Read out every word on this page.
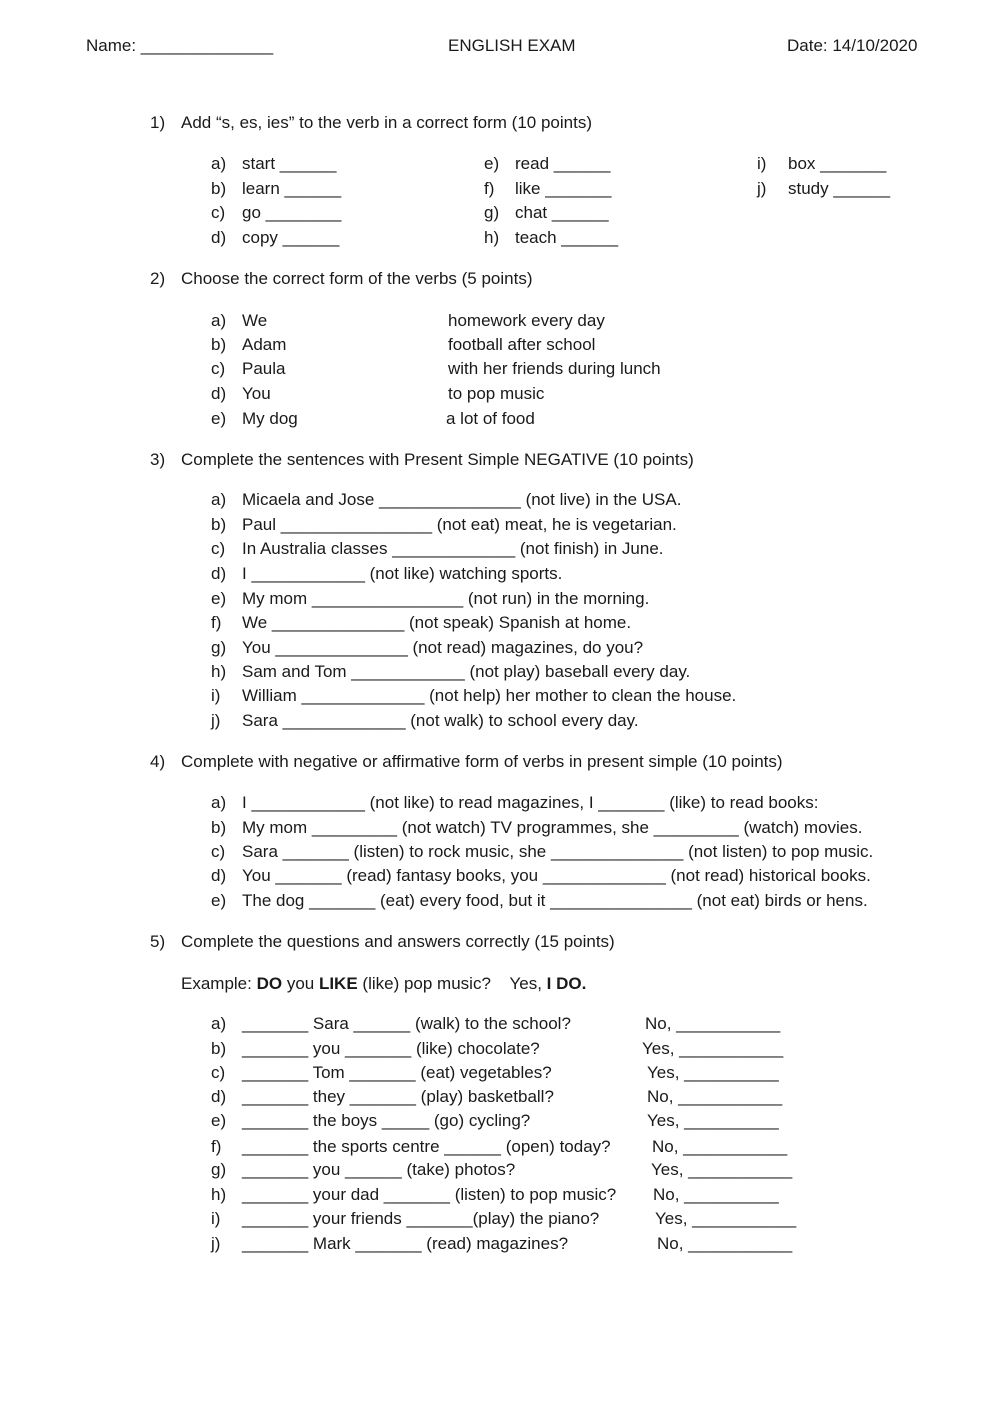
Name: ______________	ENGLISH EXAM	Date: 14/10/2020
1) Add “s, es, ies” to the verb in a correct form (10 points)
a) start ______
b) learn ______
c) go ________
d) copy ______
e) read ______
f) like _______
g) chat ______
h) teach ______
i) box _______
j) study ______
2) Choose the correct form of the verbs (5 points)
a) We	homework every day
b) Adam	football after school
c) Paula	with her friends during lunch
d) You	to pop music
e) My dog	a lot of food
3) Complete the sentences with Present Simple NEGATIVE (10 points)
a) Micaela and Jose _______________ (not live) in the USA.
b) Paul ________________ (not eat) meat, he is vegetarian.
c) In Australia classes _____________ (not finish) in June.
d) I ____________ (not like) watching sports.
e) My mom ________________ (not run) in the morning.
f) We ______________ (not speak) Spanish at home.
g) You ______________ (not read) magazines, do you?
h) Sam and Tom ____________ (not play) baseball every day.
i) William _____________ (not help) her mother to clean the house.
j) Sara _____________ (not walk) to school every day.
4) Complete with negative or affirmative form of verbs in present simple (10 points)
a) I ____________ (not like) to read magazines, I _______ (like) to read books:
b) My mom _________ (not watch) TV programmes, she _________ (watch) movies.
c) Sara _______ (listen) to rock music, she ______________ (not listen) to pop music.
d) You _______ (read) fantasy books, you _____________ (not read) historical books.
e) The dog _______ (eat) every food, but it _______________ (not eat) birds or hens.
5) Complete the questions and answers correctly (15 points)
Example: DO you LIKE (like) pop music?    Yes, I DO.
a) _______ Sara ______ (walk) to the school?	No, ___________
b) _______ you _______ (like) chocolate?	Yes, ___________
c) _______ Tom _______ (eat) vegetables?	Yes, __________
d) _______ they _______ (play) basketball?	No, ___________
e) _______ the boys _____ (go) cycling?	Yes, __________
f) _______ the sports centre ______ (open) today? No, ___________
g) _______ you ______ (take) photos?	Yes, ___________
h) _______ your dad _______ (listen) to pop music? No, __________
i) _______ your friends _______(play) the piano?	Yes, ___________
j) _______ Mark _______ (read) magazines?	No, ___________
